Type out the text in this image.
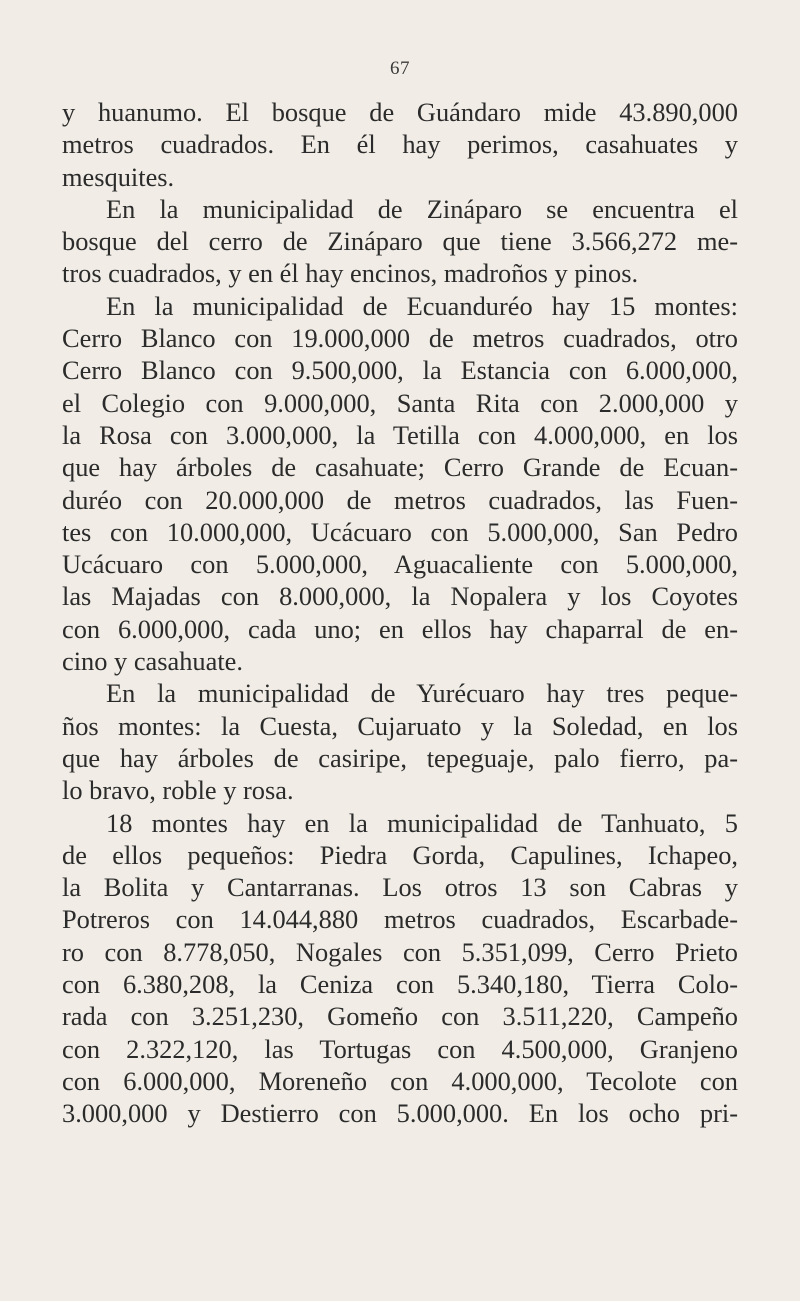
67
y huanumo. El bosque de Guándaro mide 43.890,000
metros cuadrados. En él hay perimos, casahuates y
mesquites.
En la municipalidad de Zináparo se encuentra el
bosque del cerro de Zináparo que tiene 3.566,272 me-
tros cuadrados, y en él hay encinos, madroños y pinos.
En la municipalidad de Ecuanduréo hay 15 montes:
Cerro Blanco con 19.000,000 de metros cuadrados, otro
Cerro Blanco con 9.500,000, la Estancia con 6.000,000,
el Colegio con 9.000,000, Santa Rita con 2.000,000 y
la Rosa con 3.000,000, la Tetilla con 4.000,000, en los
que hay árboles de casahuate; Cerro Grande de Ecuan-
duréo con 20.000,000 de metros cuadrados, las Fuen-
tes con 10.000,000, Ucácuaro con 5.000,000, San Pedro
Ucácuaro con 5.000,000, Aguacaliente con 5.000,000,
las Majadas con 8.000,000, la Nopalera y los Coyotes
con 6.000,000, cada uno; en ellos hay chaparral de en-
cino y casahuate.
En la municipalidad de Yurécuaro hay tres peque-
ños montes: la Cuesta, Cujaruato y la Soledad, en los
que hay árboles de casiripe, tepeguaje, palo fierro, pa-
lo bravo, roble y rosa.
18 montes hay en la municipalidad de Tanhuato, 5
de ellos pequeños: Piedra Gorda, Capulines, Ichapeo,
la Bolita y Cantarranas. Los otros 13 son Cabras y
Potreros con 14.044,880 metros cuadrados, Escarbade-
ro con 8.778,050, Nogales con 5.351,099, Cerro Prieto
con 6.380,208, la Ceniza con 5.340,180, Tierra Colo-
rada con 3.251,230, Gomeño con 3.511,220, Campeño
con 2.322,120, las Tortugas con 4.500,000, Granjeno
con 6.000,000, Moreneño con 4.000,000, Tecolote con
3.000,000 y Destierro con 5.000,000. En los ocho pri-
